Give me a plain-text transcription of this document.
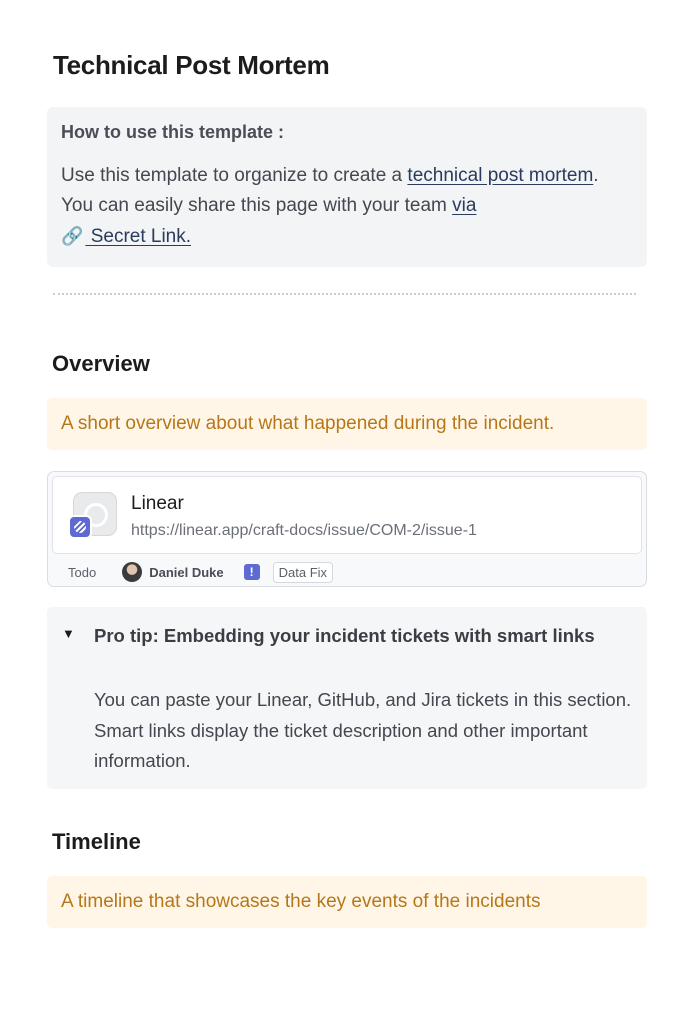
Technical Post Mortem
How to use this template :
Use this template to organize to create a technical post mortem. You can easily share this page with your team via
🔗 Secret Link.
Overview
A short overview about what happened during the incident.
Linear
https://linear.app/craft-docs/issue/COM-2/issue-1
Todo	Daniel Duke	!	Data Fix
▼ Pro tip: Embedding your incident tickets with smart links
You can paste your Linear, GitHub, and Jira tickets in this section. Smart links display the ticket description and other important information.
Timeline
A timeline that showcases the key events of the incidents
